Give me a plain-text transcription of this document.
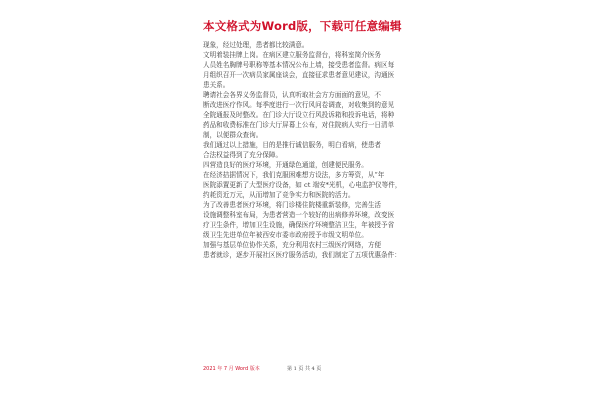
本文格式为Word版，下载可任意编辑
现象，经过处理，患者都比较满意。
文明着装挂牌上岗。在病区建立服务监督台，将科室简介医务
人员姓名胸牌号职称等基本情况公布上墙，接受患者监督。病区每
月组织召开一次病员家属座谈会，直接征求患者意见建议，沟通医
患关系。
聘请社会各界义务监督员，认真听取社会方方面面的意见，不
断改进医疗作风。每季度进行一次行风问卷调查，对收集到的意见
全院通报及时整改。在门诊大厅设立行风投诉箱和投诉电话，将种
药品和收费标准在门诊大厅屏幕上公布，对住院病人实行一日清单
制，以便群众查询。
我们通过以上措施，目的是推行诚信服务，明白看病，使患者
合法权益得到了充分保障。
四营造良好的医疗环境，开通绿色通道，创建便民服务。
在经济拮据情况下，我们克服困难想方设法，多方筹资，从“年
医院添置更新了大型医疗设备，如 ct 端安*光机，心电监护仪等件，
约耗资近万元，从而增加了竞争实力和医院的活力。
为了改善患者医疗环境，将门诊楼住院楼重新装修，完善生活
设施调整科室布局，为患者营造一个较好的出病修养环境，改变医
疗卫生条件，增加卫生设施，确保医疗环境整洁卫生，年被授予省
级卫生先进单位年被西安市委市政府授予市级文明单位。
加强与基层单位协作关系，充分利用农村三级医疗网络，方便
患者就诊，逐步开展社区医疗服务活动，我们制定了五项优惠条件：
2021 年 7 月 Word 版本	第 1 页 共 4 页
